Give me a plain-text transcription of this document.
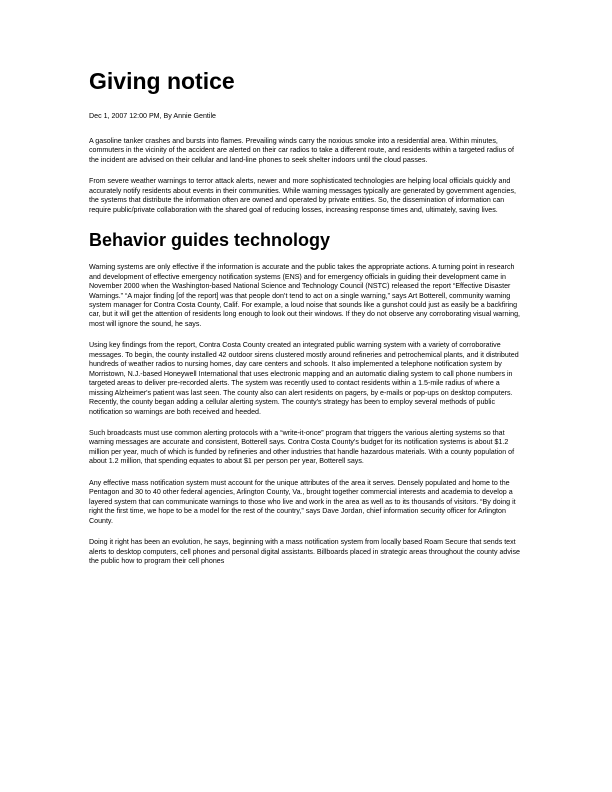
Giving notice
Dec 1, 2007 12:00 PM, By Annie Gentile

A gasoline tanker crashes and bursts into flames. Prevailing winds carry the noxious smoke into a residential area. Within minutes, commuters in the vicinity of the accident are alerted on their car radios to take a different route, and residents within a targeted radius of the incident are advised on their cellular and land-line phones to seek shelter indoors until the cloud passes.

From severe weather warnings to terror attack alerts, newer and more sophisticated technologies are helping local officials quickly and accurately notify residents about events in their communities. While warning messages typically are generated by government agencies, the systems that distribute the information often are owned and operated by private entities. So, the dissemination of information can require public/private collaboration with the shared goal of reducing losses, increasing response times and, ultimately, saving lives.

Behavior guides technology

Warning systems are only effective if the information is accurate and the public takes the appropriate actions. A turning point in research and development of effective emergency notification systems (ENS) and for emergency officials in guiding their development came in November 2000 when the Washington-based National Science and Technology Council (NSTC) released the report “Effective Disaster Warnings.” “A major finding [of the report] was that people don’t tend to act on a single warning,” says Art Botterell, community warning system manager for Contra Costa County, Calif. For example, a loud noise that sounds like a gunshot could just as easily be a backfiring car, but it will get the attention of residents long enough to look out their windows. If they do not observe any corroborating visual warning, most will ignore the sound, he says.

Using key findings from the report, Contra Costa County created an integrated public warning system with a variety of corroborative messages. To begin, the county installed 42 outdoor sirens clustered mostly around refineries and petrochemical plants, and it distributed hundreds of weather radios to nursing homes, day care centers and schools. It also implemented a telephone notification system by Morristown, N.J.-based Honeywell International that uses electronic mapping and an automatic dialing system to call phone numbers in targeted areas to deliver pre-recorded alerts. The system was recently used to contact residents within a 1.5-mile radius of where a missing Alzheimer's patient was last seen. The county also can alert residents on pagers, by e-mails or pop-ups on desktop computers. Recently, the county began adding a cellular alerting system. The county's strategy has been to employ several methods of public notification so warnings are both received and heeded.

Such broadcasts must use common alerting protocols with a “write-it-once” program that triggers the various alerting systems so that warning messages are accurate and consistent, Botterell says. Contra Costa County's budget for its notification systems is about $1.2 million per year, much of which is funded by refineries and other industries that handle hazardous materials. With a county population of about 1.2 million, that spending equates to about $1 per person per year, Botterell says.

Any effective mass notification system must account for the unique attributes of the area it serves. Densely populated and home to the Pentagon and 30 to 40 other federal agencies, Arlington County, Va., brought together commercial interests and academia to develop a layered system that can communicate warnings to those who live and work in the area as well as to its thousands of visitors. “By doing it right the first time, we hope to be a model for the rest of the country,” says Dave Jordan, chief information security officer for Arlington County.

Doing it right has been an evolution, he says, beginning with a mass notification system from locally based Roam Secure that sends text alerts to desktop computers, cell phones and personal digital assistants. Billboards placed in strategic areas throughout the county advise the public how to program their cell phones
